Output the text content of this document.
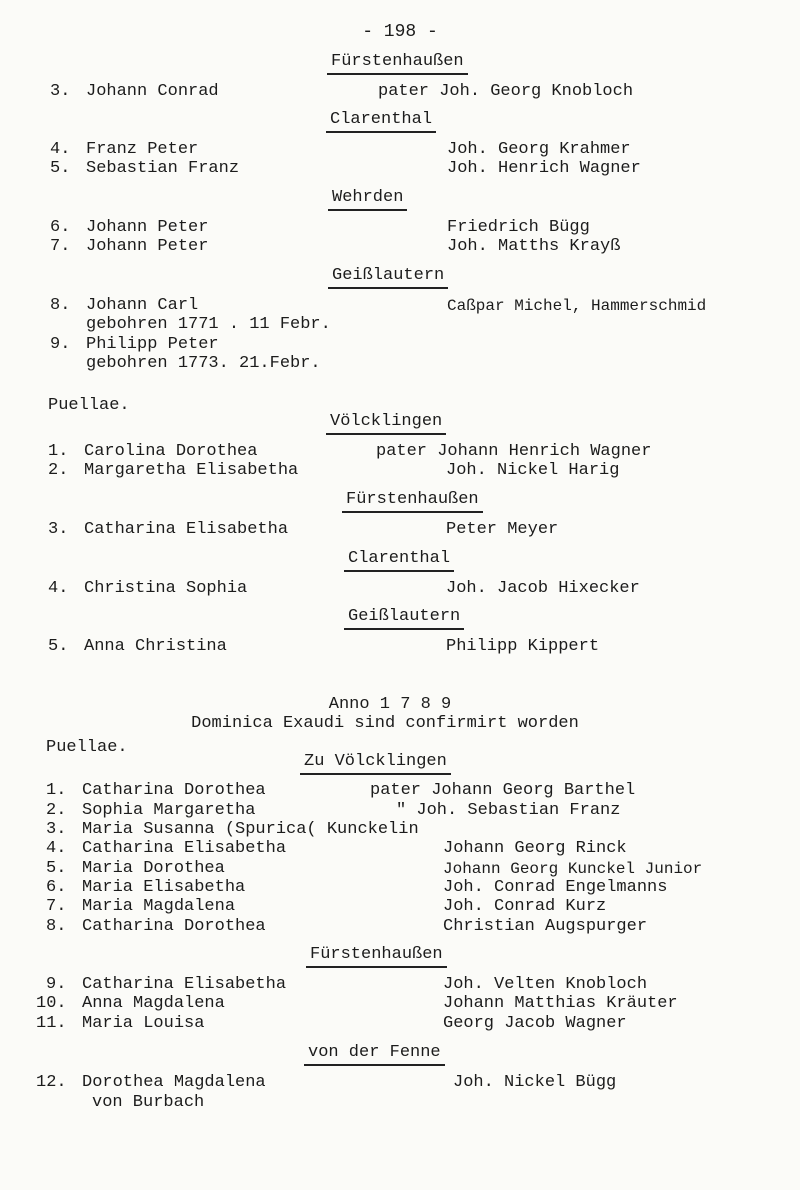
- 198 -
Fürstenhaußen
3. Johann Conrad	pater Joh. Georg Knobloch
Clarenthal
4. Franz Peter	Joh. Georg Krahmer
5. Sebastian Franz	Joh. Henrich Wagner
Wehrden
6. Johann Peter	Friedrich Bügg
7. Johann Peter	Joh. Matths Krayß
Geißlautern
8. Johann Carl	Caßpar Michel, Hammerschmid
gebohren 1771 . 11 Febr.
9. Philipp Peter
gebohren 1773. 21.Febr.
Puellae.
Völcklingen
1. Carolina Dorothea	pater Johann Henrich Wagner
2. Margaretha Elisabetha	Joh. Nickel Harig
Fürstenhaußen
3. Catharina Elisabetha	Peter Meyer
Clarenthal
4. Christina Sophia	Joh. Jacob Hixecker
Geißlautern
5. Anna Christina	Philipp Kippert
Anno 1 7 8 9
Dominica Exaudi sind confirmirt worden
Puellae.
Zu Völcklingen
1. Catharina Dorothea	pater Johann Georg Barthel
2. Sophia Margaretha	" Joh. Sebastian Franz
3. Maria Susanna (Spurica( Kunckelin
4. Catharina Elisabetha	Johann Georg Rinck
5. Maria Dorothea	Johann Georg Kunckel Junior
6. Maria Elisabetha	Joh. Conrad Engelmanns
7. Maria Magdalena	Joh. Conrad Kurz
8. Catharina Dorothea	Christian Augspurger
Fürstenhaußen
9. Catharina Elisabetha	Joh. Velten Knobloch
10. Anna Magdalena	Johann Matthias Kräuter
11. Maria Louisa	Georg Jacob Wagner
von der Fenne
12. Dorothea Magdalena	Joh. Nickel Bügg
von Burbach
